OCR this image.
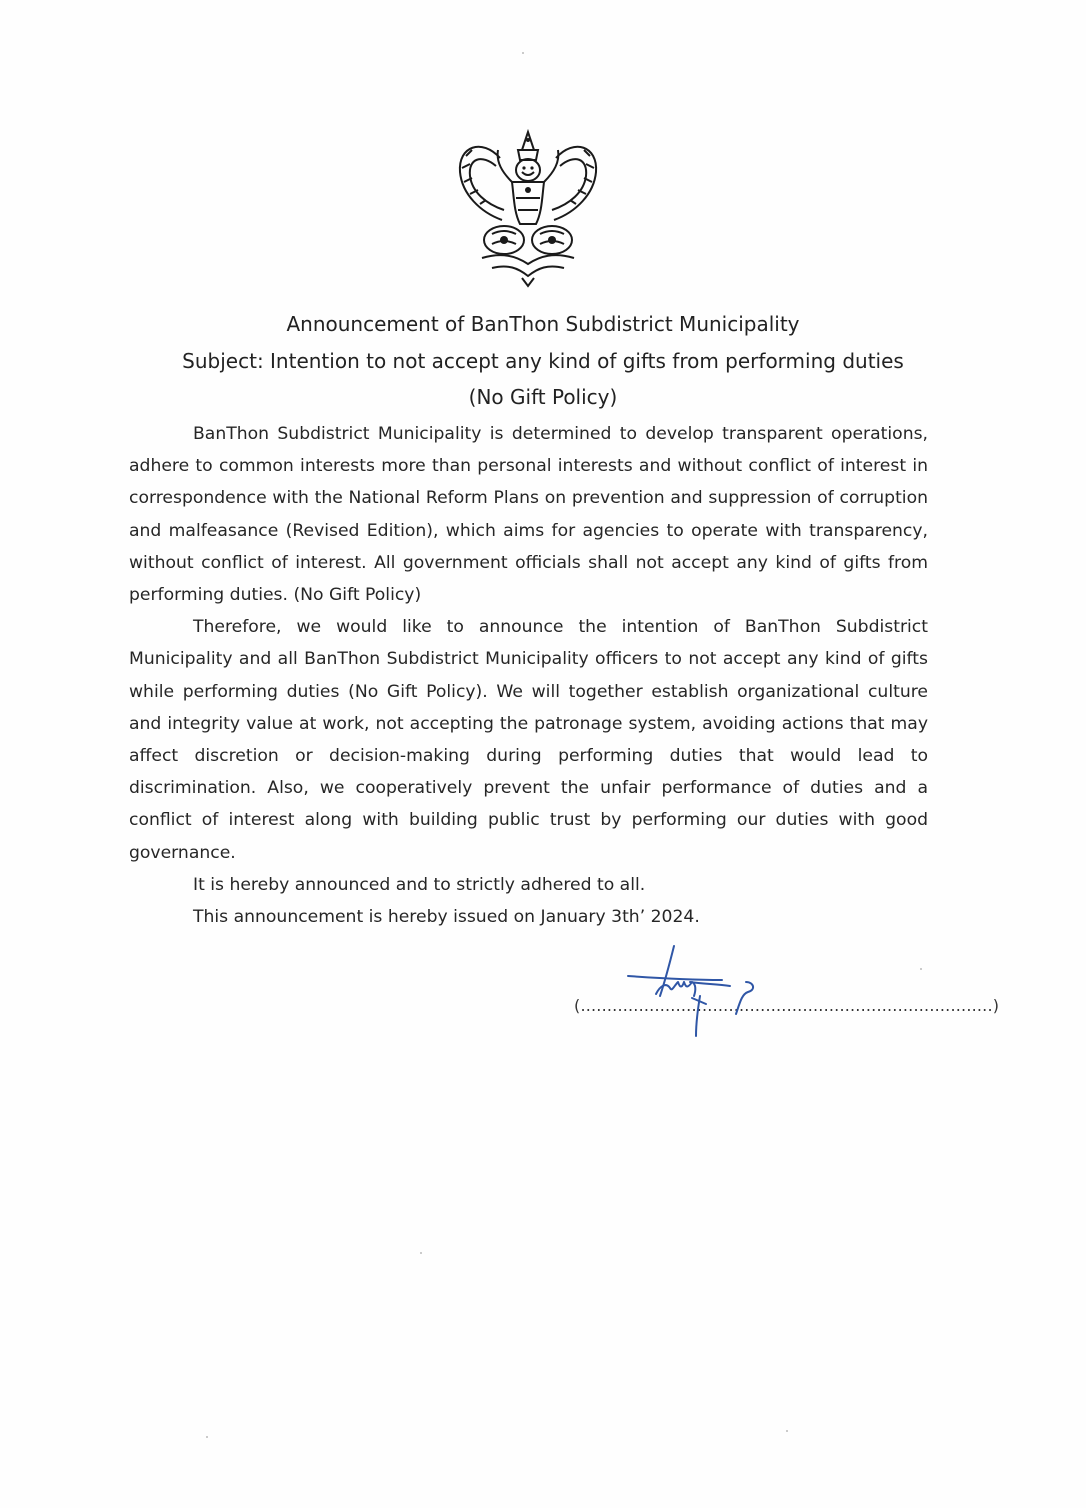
Announcement of BanThon Subdistrict Municipality
Subject: Intention to not accept any kind of gifts from performing duties
(No Gift Policy)

BanThon Subdistrict Municipality is determined to develop transparent operations, adhere to common interests more than personal interests and without conflict of interest in correspondence with the National Reform Plans on prevention and suppression of corruption and malfeasance (Revised Edition), which aims for agencies to operate with transparency, without conflict of interest. All government officials shall not accept any kind of gifts from performing duties. (No Gift Policy)

Therefore, we would like to announce the intention of BanThon Subdistrict Municipality and all BanThon Subdistrict Municipality officers to not accept any kind of gifts while performing duties (No Gift Policy). We will together establish organizational culture and integrity value at work, not accepting the patronage system, avoiding actions that may affect discretion or decision-making during performing duties that would lead to discrimination. Also, we cooperatively prevent the unfair performance of duties and a conflict of interest along with building public trust by performing our duties with good governance.

It is hereby announced and to strictly adhered to all.

This announcement is hereby issued on January 3th’ 2024.

(..............................................................................)
